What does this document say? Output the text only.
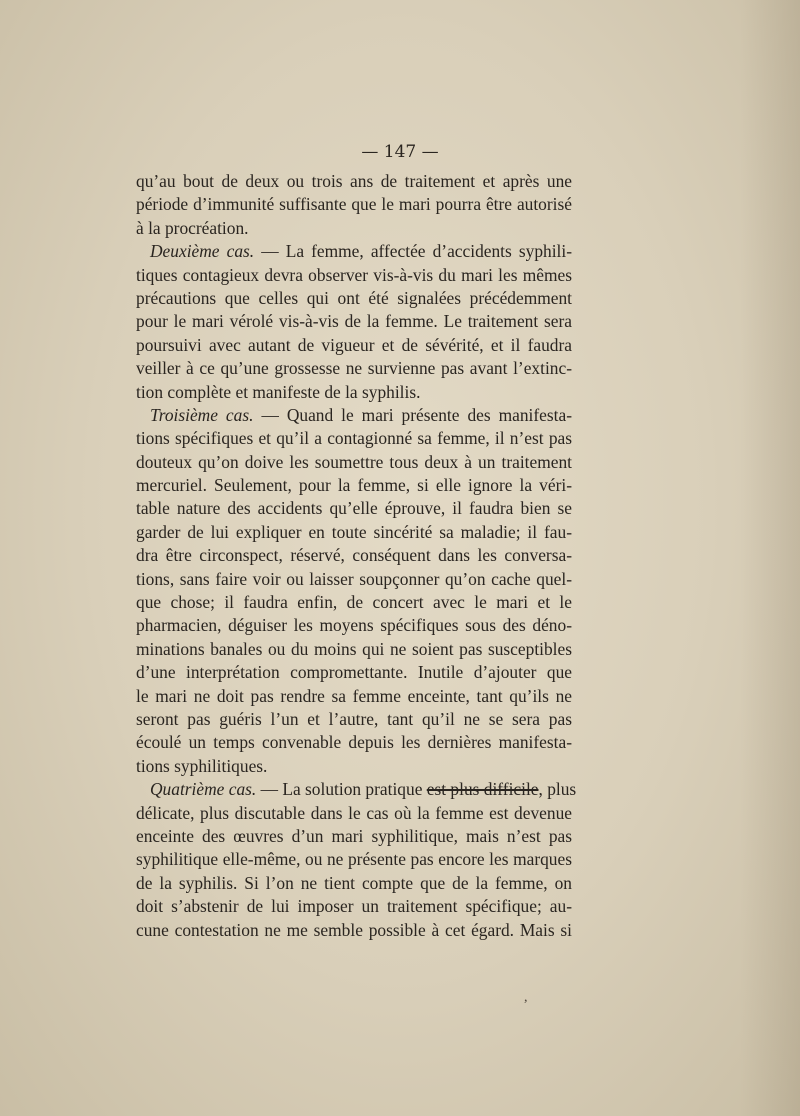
— 147 —
qu’au bout de deux ou trois ans de traitement et après une
période d’immunité suffisante que le mari pourra être autorisé
à la procréation.
Deuxième cas. — La femme, affectée d’accidents syphili-
tiques contagieux devra observer vis-à-vis du mari les mêmes
précautions que celles qui ont été signalées précédemment
pour le mari vérolé vis-à-vis de la femme. Le traitement sera
poursuivi avec autant de vigueur et de sévérité, et il faudra
veiller à ce qu’une grossesse ne survienne pas avant l’extinc-
tion complète et manifeste de la syphilis.
Troisième cas. — Quand le mari présente des manifesta-
tions spécifiques et qu’il a contagionné sa femme, il n’est pas
douteux qu’on doive les soumettre tous deux à un traitement
mercuriel. Seulement, pour la femme, si elle ignore la véri-
table nature des accidents qu’elle éprouve, il faudra bien se
garder de lui expliquer en toute sincérité sa maladie; il fau-
dra être circonspect, réservé, conséquent dans les conversa-
tions, sans faire voir ou laisser soupçonner qu’on cache quel-
que chose; il faudra enfin, de concert avec le mari et le
pharmacien, déguiser les moyens spécifiques sous des déno-
minations banales ou du moins qui ne soient pas susceptibles
d’une interprétation compromettante. Inutile d’ajouter que
le mari ne doit pas rendre sa femme enceinte, tant qu’ils ne
seront pas guéris l’un et l’autre, tant qu’il ne se sera pas
écoulé un temps convenable depuis les dernières manifesta-
tions syphilitiques.
Quatrième cas. — La solution pratique est plus difficile, plus
délicate, plus discutable dans le cas où la femme est devenue
enceinte des œuvres d’un mari syphilitique, mais n’est pas
syphilitique elle-même, ou ne présente pas encore les marques
de la syphilis. Si l’on ne tient compte que de la femme, on
doit s’abstenir de lui imposer un traitement spécifique; au-
cune contestation ne me semble possible à cet égard. Mais si
,
